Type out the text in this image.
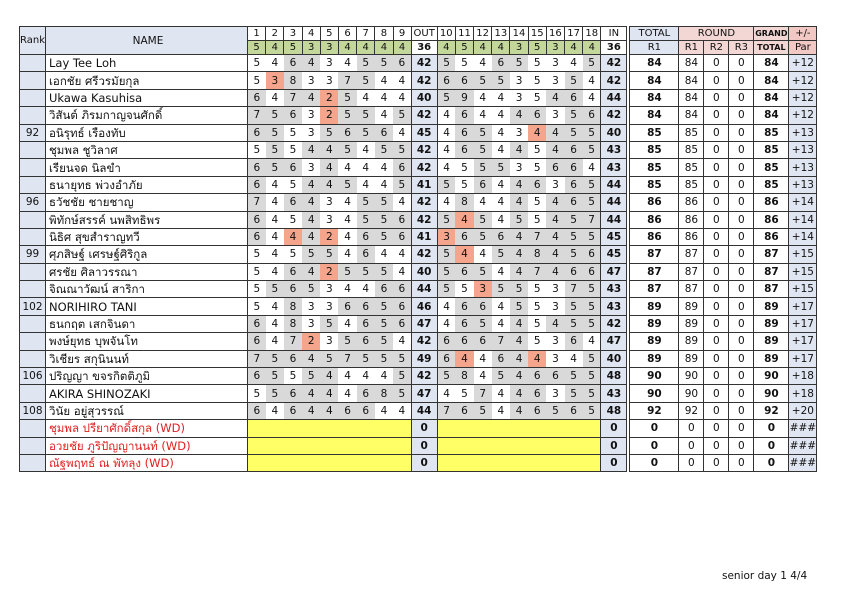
Rank	NAME	1	2	3	4	5	6	7	8	9	OUT	10	11	12	13	14	15	16	17	18	IN		TOTAL	ROUND			GRAND	+/-
		5	4	5	3	3	4	4	4	4	36	4	5	4	4	3	5	3	4	4	36		R1	R1	R2	R3	TOTAL	Par
	Lay Tee Loh	5	4	6	4	3	4	5	5	6	42	5	5	4	6	5	5	3	4	5	42		84	84	0	0	84	+12
	เอกชัย ศรีวรมัยกุล	5	3	8	3	3	7	5	4	4	42	6	6	5	5	3	5	3	5	4	42		84	84	0	0	84	+12
	Ukawa Kasuhisa	6	4	7	4	2	5	4	4	4	40	5	9	4	4	3	5	4	6	4	44		84	84	0	0	84	+12
	วิสันต์ ภิรมกาญจนศักดิ์	7	5	6	3	2	5	5	4	5	42	4	6	4	4	4	6	3	5	6	42		84	84	0	0	84	+12
92	อนิรุทธ์ เรืองทับ	6	5	5	3	5	6	5	6	4	45	4	6	5	4	3	4	4	5	5	40		85	85	0	0	85	+13
	ชุมพล ชูวิลาศ	5	5	5	4	4	5	4	5	5	42	4	6	5	4	4	5	4	6	5	43		85	85	0	0	85	+13
	เรียนจด นิลขำ	6	5	6	3	4	4	4	4	6	42	4	5	5	5	3	5	6	6	4	43		85	85	0	0	85	+13
	ธนายุทธ พ่วงอำภัย	6	4	5	4	4	5	4	4	5	41	5	5	6	4	4	6	3	6	5	44		85	85	0	0	85	+13
96	ธวัชชัย ชายชาญ	7	4	6	4	3	4	5	5	4	42	4	8	4	4	4	5	4	6	5	44		86	86	0	0	86	+14
	พิทักษ์สรรค์ นพสิทธิพร	6	4	5	4	3	4	5	5	6	42	5	4	5	4	5	5	4	5	7	44		86	86	0	0	86	+14
	นิธิศ สุขสำราญทวี	6	4	4	4	2	4	6	5	6	41	3	6	5	6	4	7	4	5	5	45		86	86	0	0	86	+14
99	ศุภสิษฐ์ เศรษฐ์ศิริกูล	5	4	5	5	5	4	6	4	4	42	5	4	4	5	4	8	4	5	6	45		87	87	0	0	87	+15
	ศรชัย ศิลาวรรณา	5	4	6	4	2	5	5	5	4	40	5	6	5	4	4	7	4	6	6	47		87	87	0	0	87	+15
	จิณณาวัฒน์ สาริกา	5	5	6	5	3	4	4	6	6	44	5	5	3	5	5	5	3	7	5	43		87	87	0	0	87	+15
102	NORIHIRO TANI	5	4	8	3	3	6	6	5	6	46	4	6	6	4	5	5	3	5	5	43		89	89	0	0	89	+17
	ธนกฤต เสกจินดา	6	4	8	3	5	4	6	5	6	47	4	6	5	4	4	5	4	5	5	42		89	89	0	0	89	+17
	พงษ์ยุทธ บุพจันโท	6	4	7	2	3	5	6	5	4	42	6	6	6	7	4	5	3	6	4	47		89	89	0	0	89	+17
	วิเชียร สกุนินนท์	7	5	6	4	5	7	5	5	5	49	6	4	4	6	4	4	3	4	5	40		89	89	0	0	89	+17
106	ปริญญา ขจรกิตติภูมิ	6	5	5	5	4	4	4	4	5	42	5	8	4	5	4	6	6	5	5	48		90	90	0	0	90	+18
	AKIRA SHINOZAKI	5	5	6	4	4	4	6	8	5	47	4	5	7	4	4	6	3	5	5	43		90	90	0	0	90	+18
108	วินัย อยู่สุวรรณ์	6	4	6	4	4	6	6	4	4	44	7	6	5	4	4	6	5	6	5	48		92	92	0	0	92	+20
	ชุมพล ปรียาศักดิ์สกุล (WD)										0										0		0	0	0	0	0	###
	อวยชัย ภูริปัญญานนท์ (WD)										0										0		0	0	0	0	0	###
	ณัฐพฤทธ์ ณ พัทลุง (WD)										0										0		0	0	0	0	0	###
senior day 1 4/4
